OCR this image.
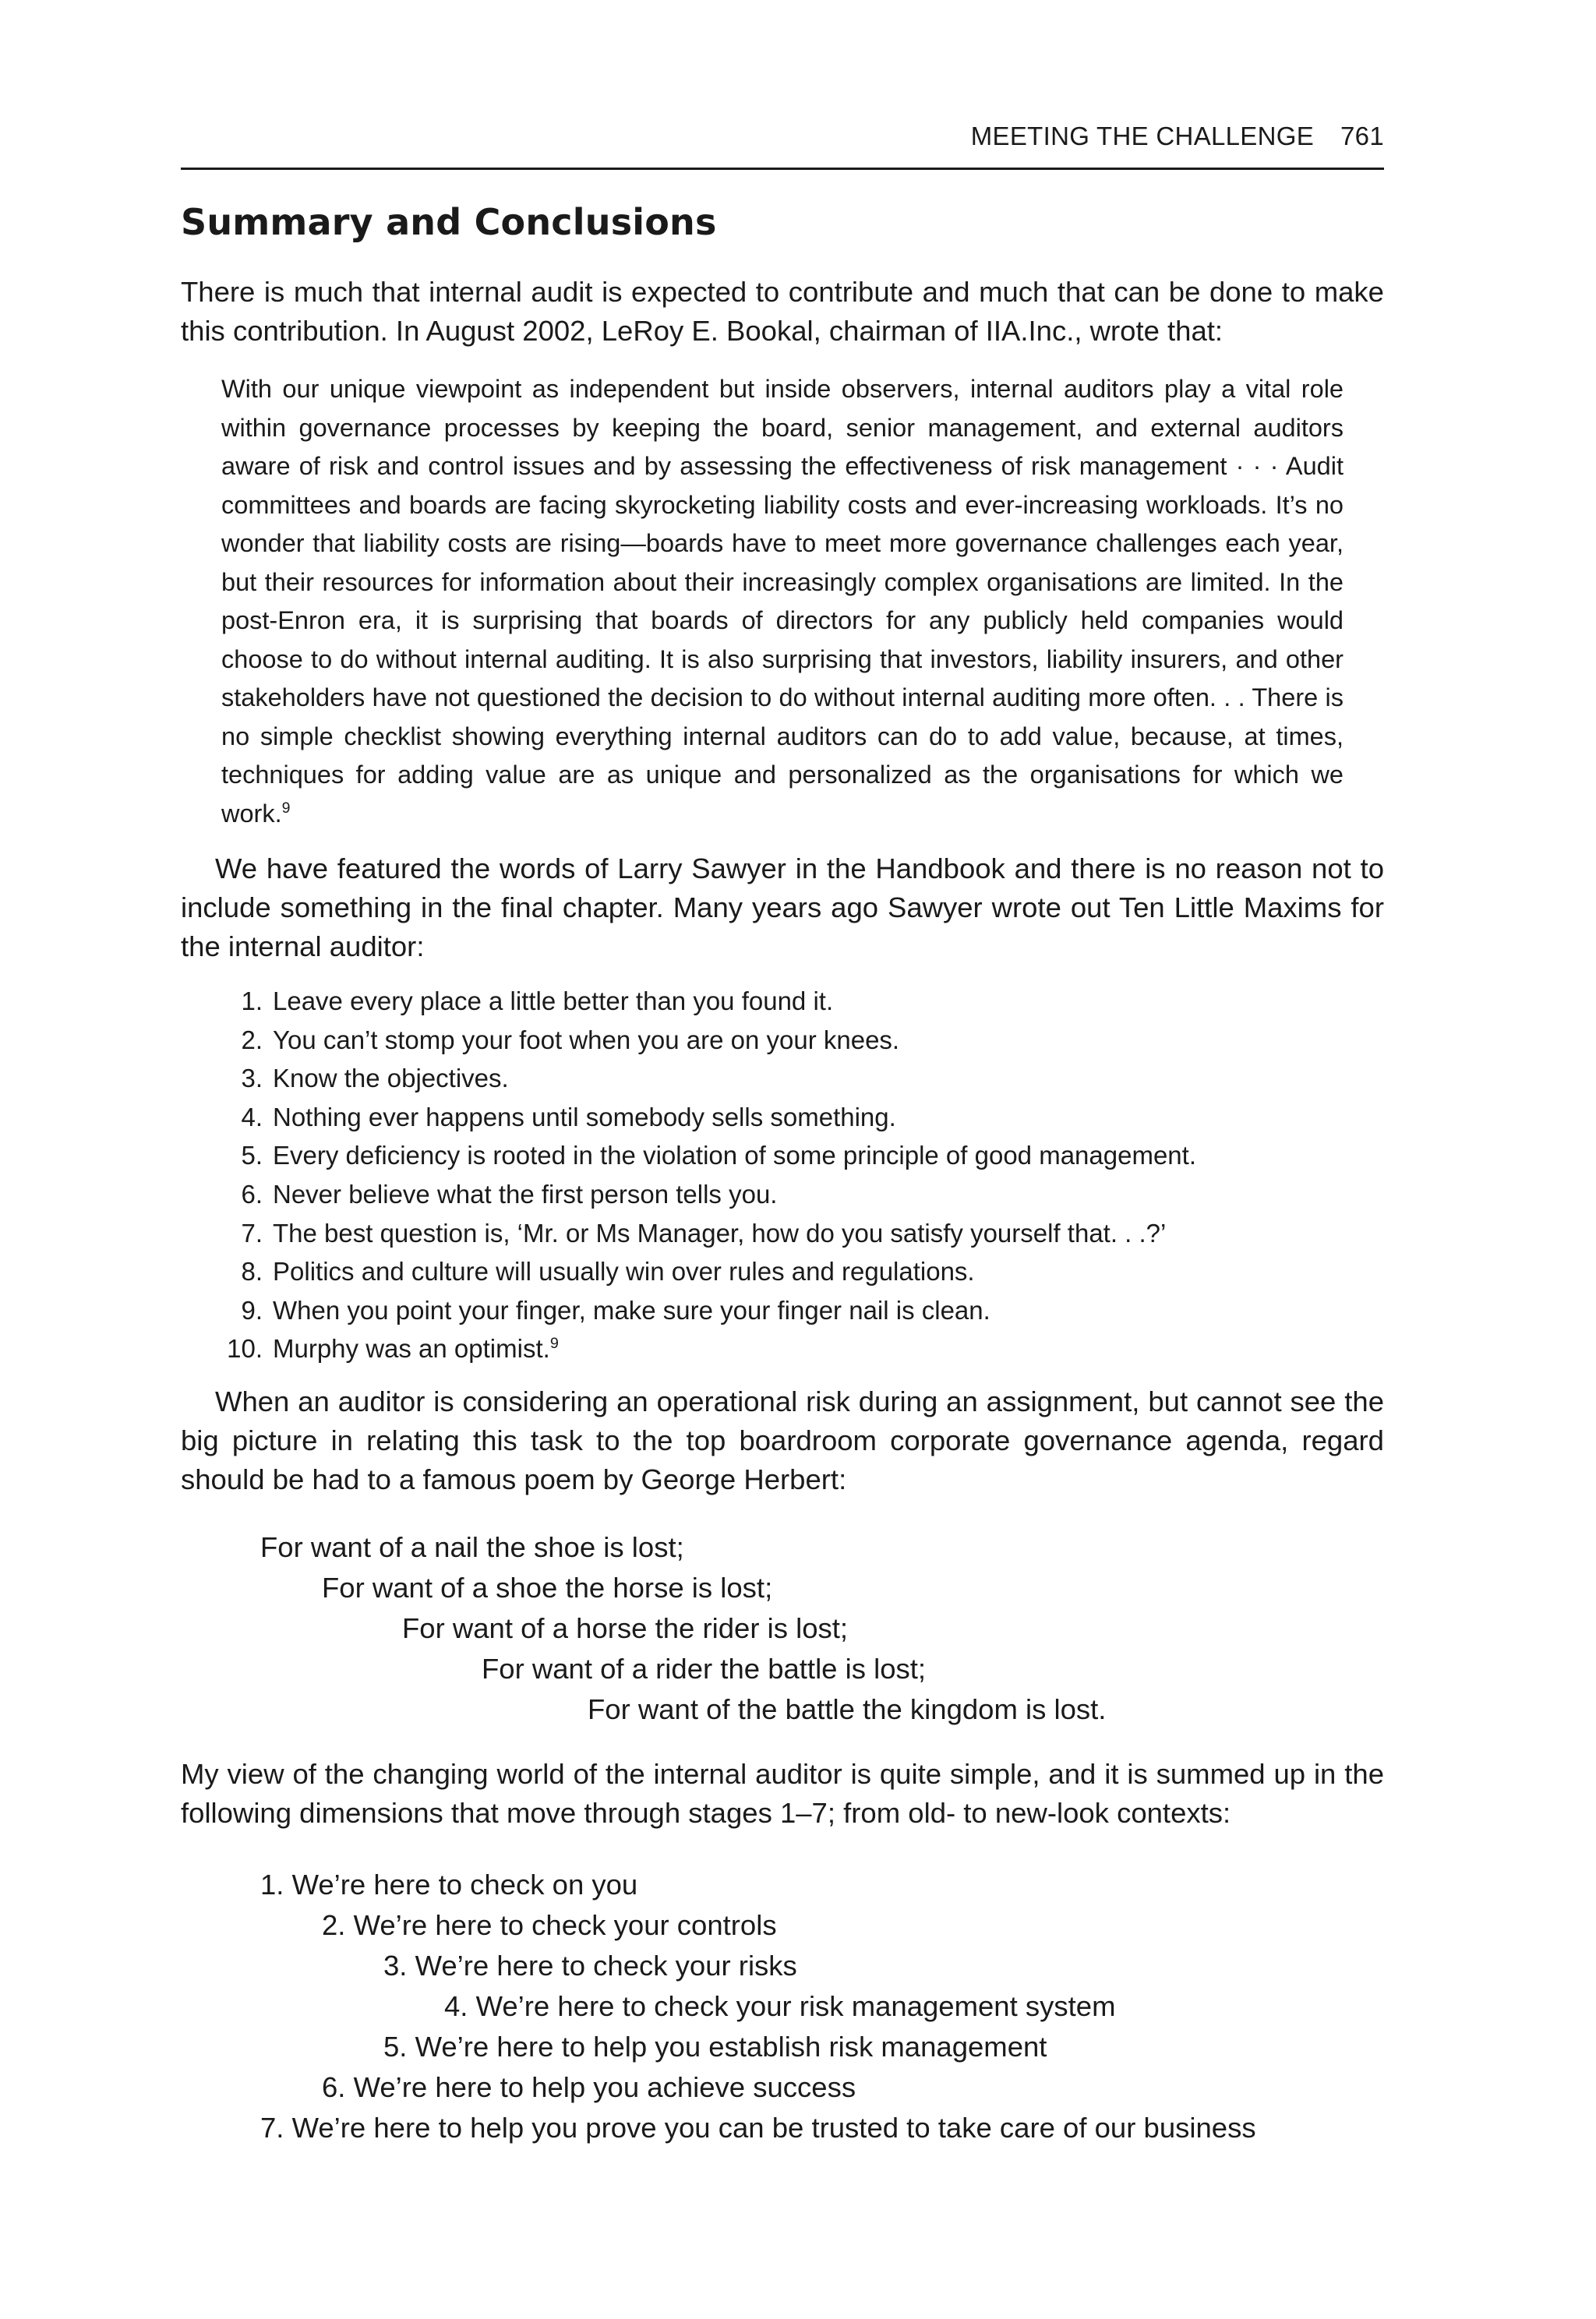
MEETING THE CHALLENGE 761
Summary and Conclusions

There is much that internal audit is expected to contribute and much that can be done to make this contribution. In August 2002, LeRoy E. Bookal, chairman of IIA.Inc., wrote that:

With our unique viewpoint as independent but inside observers, internal auditors play a vital role within governance processes by keeping the board, senior management, and external auditors aware of risk and control issues and by assessing the effectiveness of risk management · · · Audit committees and boards are facing skyrocketing liability costs and ever-increasing workloads. It’s no wonder that liability costs are rising—boards have to meet more governance challenges each year, but their resources for information about their increasingly complex organisations are limited. In the post-Enron era, it is surprising that boards of directors for any publicly held companies would choose to do without internal auditing. It is also surprising that investors, liability insurers, and other stakeholders have not questioned the decision to do without internal auditing more often. . . There is no simple checklist showing everything internal auditors can do to add value, because, at times, techniques for adding value are as unique and personalized as the organisations for which we work.$^9$

We have featured the words of Larry Sawyer in the Handbook and there is no reason not to include something in the final chapter. Many years ago Sawyer wrote out Ten Little Maxims for the internal auditor:

1. Leave every place a little better than you found it.
2. You can’t stomp your foot when you are on your knees.
3. Know the objectives.
4. Nothing ever happens until somebody sells something.
5. Every deficiency is rooted in the violation of some principle of good management.
6. Never believe what the first person tells you.
7. The best question is, ‘Mr. or Ms Manager, how do you satisfy yourself that. . .?’
8. Politics and culture will usually win over rules and regulations.
9. When you point your finger, make sure your finger nail is clean.
10. Murphy was an optimist.$^9$

When an auditor is considering an operational risk during an assignment, but cannot see the big picture in relating this task to the top boardroom corporate governance agenda, regard should be had to a famous poem by George Herbert:

For want of a nail the shoe is lost;
For want of a shoe the horse is lost;
For want of a horse the rider is lost;
For want of a rider the battle is lost;
For want of the battle the kingdom is lost.

My view of the changing world of the internal auditor is quite simple, and it is summed up in the following dimensions that move through stages 1–7; from old- to new-look contexts:

1. We’re here to check on you
2. We’re here to check your controls
3. We’re here to check your risks
4. We’re here to check your risk management system
5. We’re here to help you establish risk management
6. We’re here to help you achieve success
7. We’re here to help you prove you can be trusted to take care of our business
